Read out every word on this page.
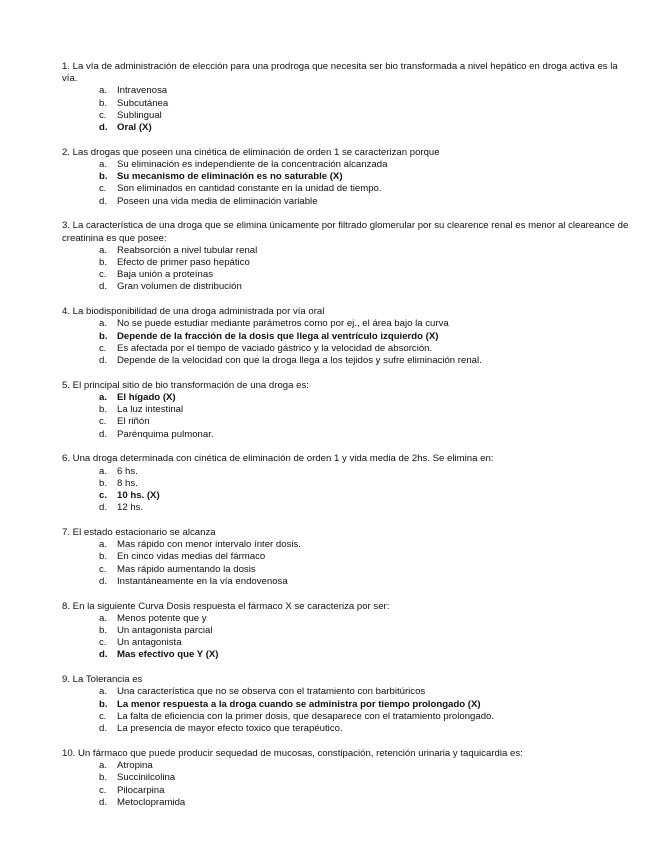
1. La vía de administración de elección para una prodroga que necesita ser bio transformada a nivel hepático en droga activa es la vía.
a.	Intravenosa
b.	Subcutánea
c.	Sublingual
d. Oral (X)
2. Las drogas que poseen una cinética de eliminación de orden 1 se caracterizan porque
a.	Su eliminación es independiente de la concentración alcanzada
b. Su mecanismo de eliminación es no saturable (X)
c.	Son eliminados en cantidad constante en la unidad de tiempo.
d.	Poseen una vida media de eliminación variable
3. La característica de una droga que se elimina únicamente por filtrado glomerular por su clearence renal es menor al cleareance de creatinina es que posee:
a.	Reabsorción a nivel tubular renal
b.	Efecto de primer paso hepático
c.	Baja unión a proteínas
d.	Gran volumen de distribución
4. La biodisponibilidad de una droga administrada por vía oral
a.	No se puede estudiar mediante parámetros como por ej., el área bajo la curva
b. Depende de la fracción de la dosis que llega al ventrículo izquierdo (X)
c.	Es afectada por el tiempo de vaciado gástrico y la velocidad de absorción.
d.	Depende de la velocidad con que la droga llega a los tejidos y sufre eliminación renal.
5. El principal sitio de bio transformación de una droga es:
a.	El hígado (X)
b.	La luz intestinal
c.	El riñón
d.	Parénquima pulmonar.
6. Una droga determinada con cinética de eliminación de orden 1 y vida media de 2hs. Se elimina en:
a.	6 hs.
b.	8 hs.
c.	10 hs. (X)
d.	12 hs.
7. El estado estacionario se alcanza
a.	Mas rápido con menor intervalo ínter dosis.
b.	En cinco vidas medias del fármaco
c.	Mas rápido aumentando la dosis
d.	Instantáneamente en la vía endovenosa
8. En la siguiente Curva Dosis respuesta el fármaco X se caracteriza por ser:
a.	Menos potente que y
b.	Un antagonista parcial
c.	Un antagonista
d. Mas efectivo que Y (X)
9. La Tolerancia es
a.	Una característica que no se observa con el tratamiento con barbitúricos
b. La menor respuesta a la droga cuando se administra por tiempo prolongado (X)
c.	La falta de eficiencia con la primer dosis, que desaparece con el tratamiento prolongado.
d.	La presencia de mayor efecto toxico que terapéutico.
10. Un fármaco que puede producir sequedad de mucosas, constipación, retención urinaria y taquicardia es:
a.	Atropina
b.	Succinilcolina
c.	Pilocarpina
d.	Metoclopramida
